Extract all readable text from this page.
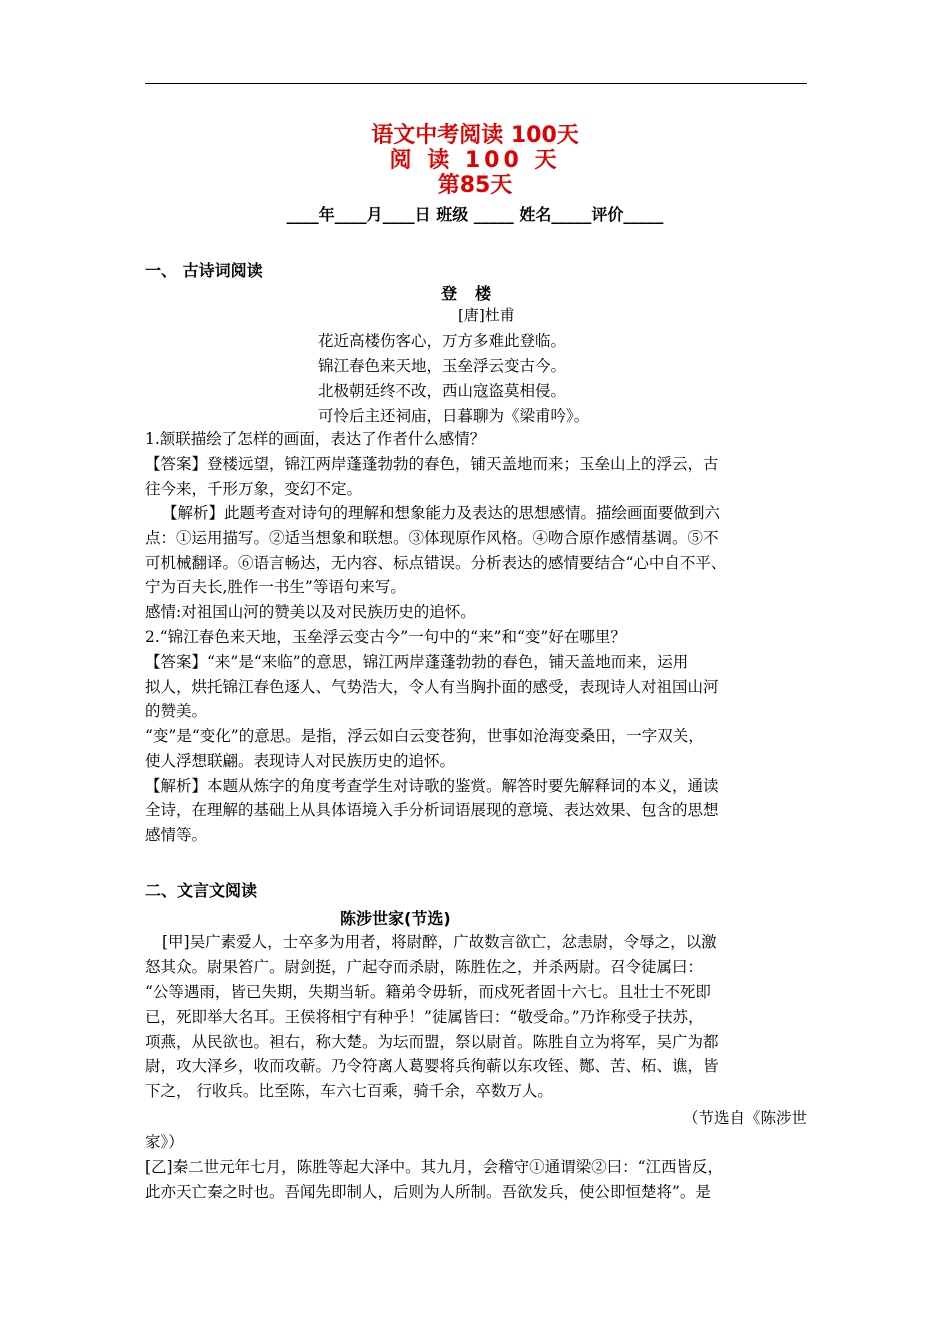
语文中考阅读 100天
阅 读 100 天
第85天
____年____月____日 班级 _____ 姓名_____评价_____
一、 古诗词阅读
登楼
[唐]杜甫
花近高楼伤客心，万方多难此登临。
锦江春色来天地，玉垒浮云变古今。
北极朝廷终不改，西山寇盗莫相侵。
可怜后主还祠庙，日暮聊为《梁甫吟》。
1.颔联描绘了怎样的画面，表达了作者什么感情？
【答案】登楼远望，锦江两岸蓬蓬勃勃的春色，铺天盖地而来；玉垒山上的浮云，古
往今来，千形万象，变幻不定。
【解析】此题考查对诗句的理解和想象能力及表达的思想感情。描绘画面要做到六
点：①运用描写。②适当想象和联想。③体现原作风格。④吻合原作感情基调。⑤不
可机械翻译。⑥语言畅达，无内容、标点错误。分析表达的感情要结合“心中自不平、
宁为百夫长,胜作一书生”等语句来写。
感情:对祖国山河的赞美以及对民族历史的追怀。
2.“锦江春色来天地，玉垒浮云变古今”一句中的“来”和“变”好在哪里？
【答案】“来”是“来临”的意思，锦江两岸蓬蓬勃勃的春色，铺天盖地而来，运用
拟人，烘托锦江春色逐人、气势浩大，令人有当胸扑面的感受，表现诗人对祖国山河
的赞美。
“变”是“变化”的意思。是指，浮云如白云变苍狗，世事如沧海变桑田，一字双关，
使人浮想联翩。表现诗人对民族历史的追怀。
【解析】本题从炼字的角度考查学生对诗歌的鉴赏。解答时要先解释词的本义，通读
全诗，在理解的基础上从具体语境入手分析词语展现的意境、表达效果、包含的思想
感情等。
二、文言文阅读
陈涉世家(节选)
[甲]吴广素爱人，士卒多为用者，将尉醉，广故数言欲亡，忿恚尉，令辱之，以激
怒其众。尉果笞广。尉剑挺，广起夺而杀尉，陈胜佐之，并杀两尉。召令徒属曰：
“公等遇雨，皆已失期，失期当斩。籍弟令毋斩，而戍死者固十六七。且壮士不死即
已，死即举大名耳。王侯将相宁有种乎！”徒属皆曰：“敬受命。”乃诈称受子扶苏，
项燕，从民欲也。袒右，称大楚。为坛而盟，祭以尉首。陈胜自立为将军，吴广为都
尉，攻大泽乡，收而攻蕲。乃令符离人葛婴将兵徇蕲以东攻铚、酂、苦、柘、谯，皆
下之， 行收兵。比至陈，车六七百乘，骑千余，卒数万人。
（节选自《陈涉世
家》）
[乙]秦二世元年七月，陈胜等起大泽中。其九月，会稽守①通谓梁②曰：“江西皆反，
此亦天亡秦之时也。吾闻先即制人，后则为人所制。吾欲发兵，使公即恒楚将”。是
